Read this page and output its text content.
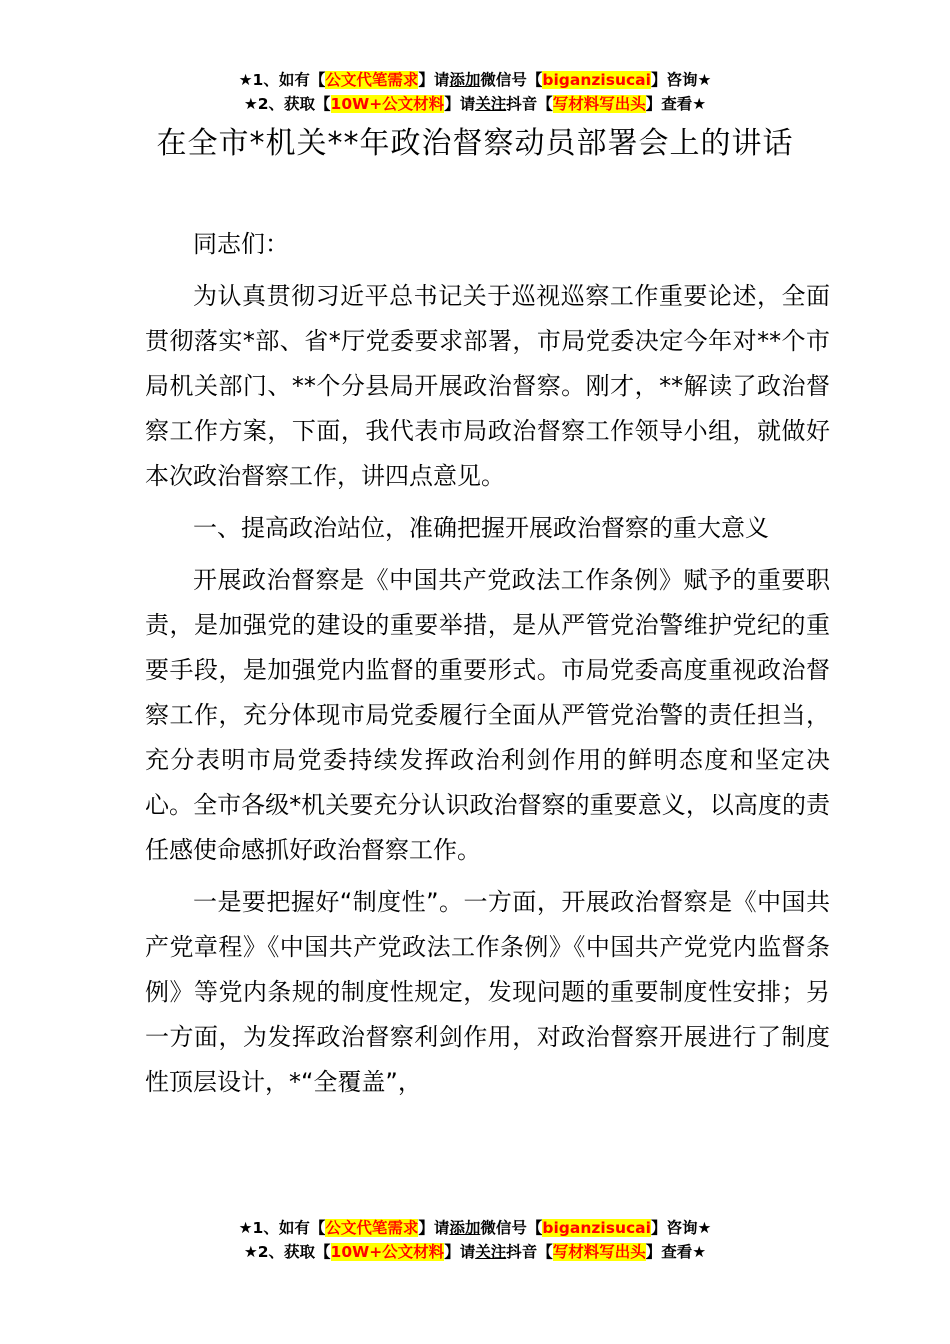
★1、如有【公文代笔需求】请添加微信号【biganzisucai】咨询★
★2、获取【10W+公文材料】请关注抖音【写材料写出头】查看★
在全市*机关**年政治督察动员部署会上的讲话

同志们：

为认真贯彻习近平总书记关于巡视巡察工作重要论述，全面贯彻落实*部、省*厅党委要求部署，市局党委决定今年对**个市局机关部门、**个分县局开展政治督察。刚才，**解读了政治督察工作方案，下面，我代表市局政治督察工作领导小组，就做好本次政治督察工作，讲四点意见。

一、提高政治站位，准确把握开展政治督察的重大意义

开展政治督察是《中国共产党政法工作条例》赋予的重要职责，是加强党的建设的重要举措，是从严管党治警维护党纪的重要手段，是加强党内监督的重要形式。市局党委高度重视政治督察工作，充分体现市局党委履行全面从严管党治警的责任担当，充分表明市局党委持续发挥政治利剑作用的鲜明态度和坚定决心。全市各级*机关要充分认识政治督察的重要意义，以高度的责任感使命感抓好政治督察工作。

一是要把握好“制度性”。一方面，开展政治督察是《中国共产党章程》《中国共产党政法工作条例》《中国共产党党内监督条例》等党内条规的制度性规定，发现问题的重要制度性安排；另一方面，为发挥政治督察利剑作用，对政治督察开展进行了制度性顶层设计，*“全覆盖”，

★1、如有【公文代笔需求】请添加微信号【biganzisucai】咨询★
★2、获取【10W+公文材料】请关注抖音【写材料写出头】查看★
